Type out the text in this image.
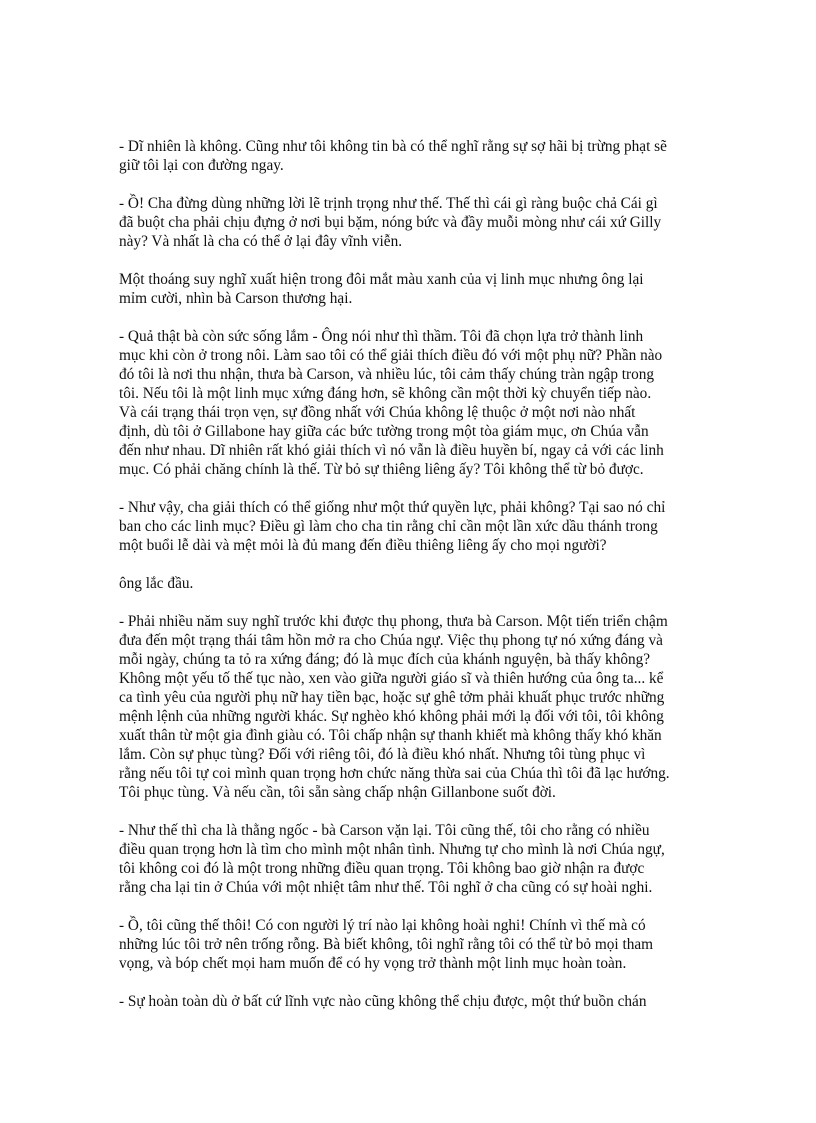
- Dĩ nhiên là không. Cũng như tôi không tin bà có thể nghĩ rằng sự sợ hãi bị trừng phạt sẽ
giữ tôi lại con đường ngay.

- Ồ! Cha đừng dùng những lời lẽ trịnh trọng như thế. Thế thì cái gì ràng buộc chả Cái gì
đã buột cha phải chịu đựng ở nơi bụi bặm, nóng bức và đầy muỗi mòng như cái xứ Gilly
này? Và nhất là cha có thể ở lại đây vĩnh viễn.

Một thoáng suy nghĩ xuất hiện trong đôi mắt màu xanh của vị linh mục nhưng ông lại
mỉm cười, nhìn bà Carson thương hại.

- Quả thật bà còn sức sống lắm - Ông nói như thì thầm. Tôi đã chọn lựa trở thành linh
mục khi còn ở trong nôi. Làm sao tôi có thể giải thích điều đó với một phụ nữ? Phần nào
đó tôi là nơi thu nhận, thưa bà Carson, và nhiều lúc, tôi cảm thấy chúng tràn ngập trong
tôi. Nếu tôi là một linh mục xứng đáng hơn, sẽ không cần một thời kỳ chuyển tiếp nào.
Và cái trạng thái trọn vẹn, sự đồng nhất với Chúa không lệ thuộc ở một nơi nào nhất
định, dù tôi ở Gillabone hay giữa các bức tường trong một tòa giám mục, ơn Chúa vẫn
đến như nhau. Dĩ nhiên rất khó giải thích vì nó vẫn là điều huyền bí, ngay cả với các linh
mục. Có phải chăng chính là thế. Từ bỏ sự thiêng liêng ấy? Tôi không thể từ bỏ được.

- Như vậy, cha giải thích có thể giống như một thứ quyền lực, phải không? Tại sao nó chỉ
ban cho các linh mục? Điều gì làm cho cha tin rằng chỉ cần một lần xức dầu thánh trong
một buổi lễ dài và mệt mỏi là đủ mang đến điều thiêng liêng ấy cho mọi người?

ông lắc đầu.

- Phải nhiều năm suy nghĩ trước khi được thụ phong, thưa bà Carson. Một tiến triển chậm
đưa đến một trạng thái tâm hồn mở ra cho Chúa ngự. Việc thụ phong tự nó xứng đáng và
mỗi ngày, chúng ta tỏ ra xứng đáng; đó là mục đích của khánh nguyện, bà thấy không?
Không một yếu tố thế tục nào, xen vào giữa người giáo sĩ và thiên hướng của ông ta... kể
ca tình yêu của người phụ nữ hay tiền bạc, hoặc sự ghê tởm phải khuất phục trước những
mệnh lệnh của những người khác. Sự nghèo khó không phải mới lạ đối với tôi, tôi không
xuất thân từ một gia đình giàu có. Tôi chấp nhận sự thanh khiết mà không thấy khó khăn
lắm. Còn sự phục tùng? Đối với riêng tôi, đó là điều khó nhất. Nhưng tôi tùng phục vì
rằng nếu tôi tự coi mình quan trọng hơn chức năng thừa sai của Chúa thì tôi đã lạc hướng.
Tôi phục tùng. Và nếu cần, tôi sẵn sàng chấp nhận Gillanbone suốt đời.

- Như thế thì cha là thằng ngốc - bà Carson vặn lại. Tôi cũng thế, tôi cho rằng có nhiều
điều quan trọng hơn là tìm cho mình một nhân tình. Nhưng tự cho mình là nơi Chúa ngự,
tôi không coi đó là một trong những điều quan trọng. Tôi không bao giờ nhận ra được
rằng cha lại tin ở Chúa với một nhiệt tâm như thế. Tôi nghĩ ở cha cũng có sự hoài nghi.

- Ồ, tôi cũng thế thôi! Có con người lý trí nào lại không hoài nghi! Chính vì thế mà có
những lúc tôi trở nên trống rỗng. Bà biết không, tôi nghĩ rằng tôi có thể từ bỏ mọi tham
vọng, và bóp chết mọi ham muốn để có hy vọng trở thành một linh mục hoàn toàn.

- Sự hoàn toàn dù ở bất cứ lĩnh vực nào cũng không thể chịu được, một thứ buồn chán
